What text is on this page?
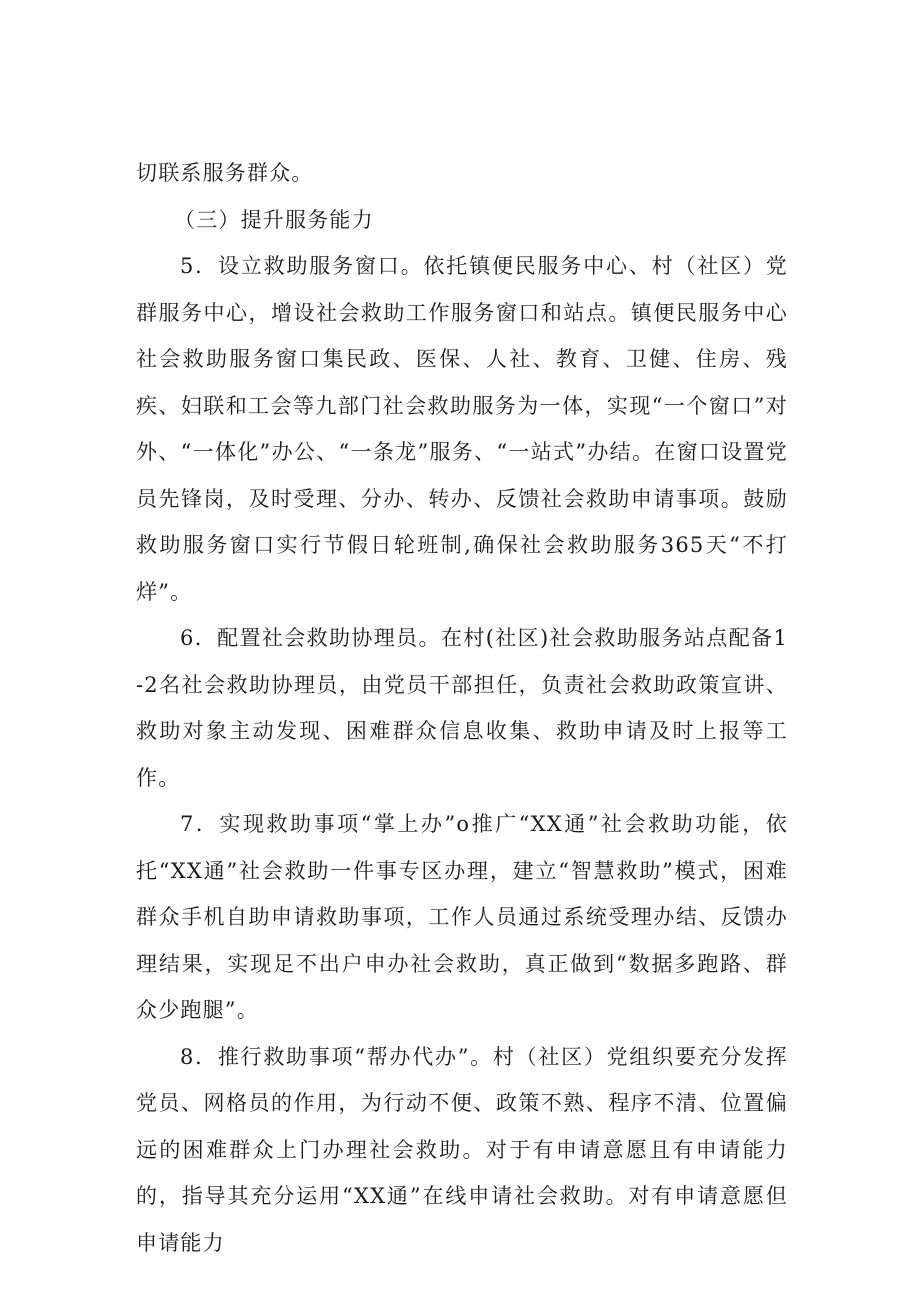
切联系服务群众。

（三）提升服务能力

5．设立救助服务窗口。依托镇便民服务中心、村（社区）党群服务中心，增设社会救助工作服务窗口和站点。镇便民服务中心社会救助服务窗口集民政、医保、人社、教育、卫健、住房、残疾、妇联和工会等九部门社会救助服务为一体，实现“一个窗口”对外、“一体化”办公、“一条龙”服务、“一站式”办结。在窗口设置党员先锋岗，及时受理、分办、转办、反馈社会救助申请事项。鼓励救助服务窗口实行节假日轮班制,确保社会救助服务365天“不打烊”。

6．配置社会救助协理员。在村(社区)社会救助服务站点配备1-2名社会救助协理员，由党员干部担任，负责社会救助政策宣讲、救助对象主动发现、困难群众信息收集、救助申请及时上报等工作。

7．实现救助事项“掌上办”o推广“XX通”社会救助功能，依托“XX通”社会救助一件事专区办理，建立“智慧救助”模式，困难群众手机自助申请救助事项，工作人员通过系统受理办结、反馈办理结果，实现足不出户申办社会救助，真正做到“数据多跑路、群众少跑腿”。

8．推行救助事项“帮办代办”。村（社区）党组织要充分发挥党员、网格员的作用，为行动不便、政策不熟、程序不清、位置偏远的困难群众上门办理社会救助。对于有申请意愿且有申请能力的，指导其充分运用“XX通”在线申请社会救助。对有申请意愿但申请能力
